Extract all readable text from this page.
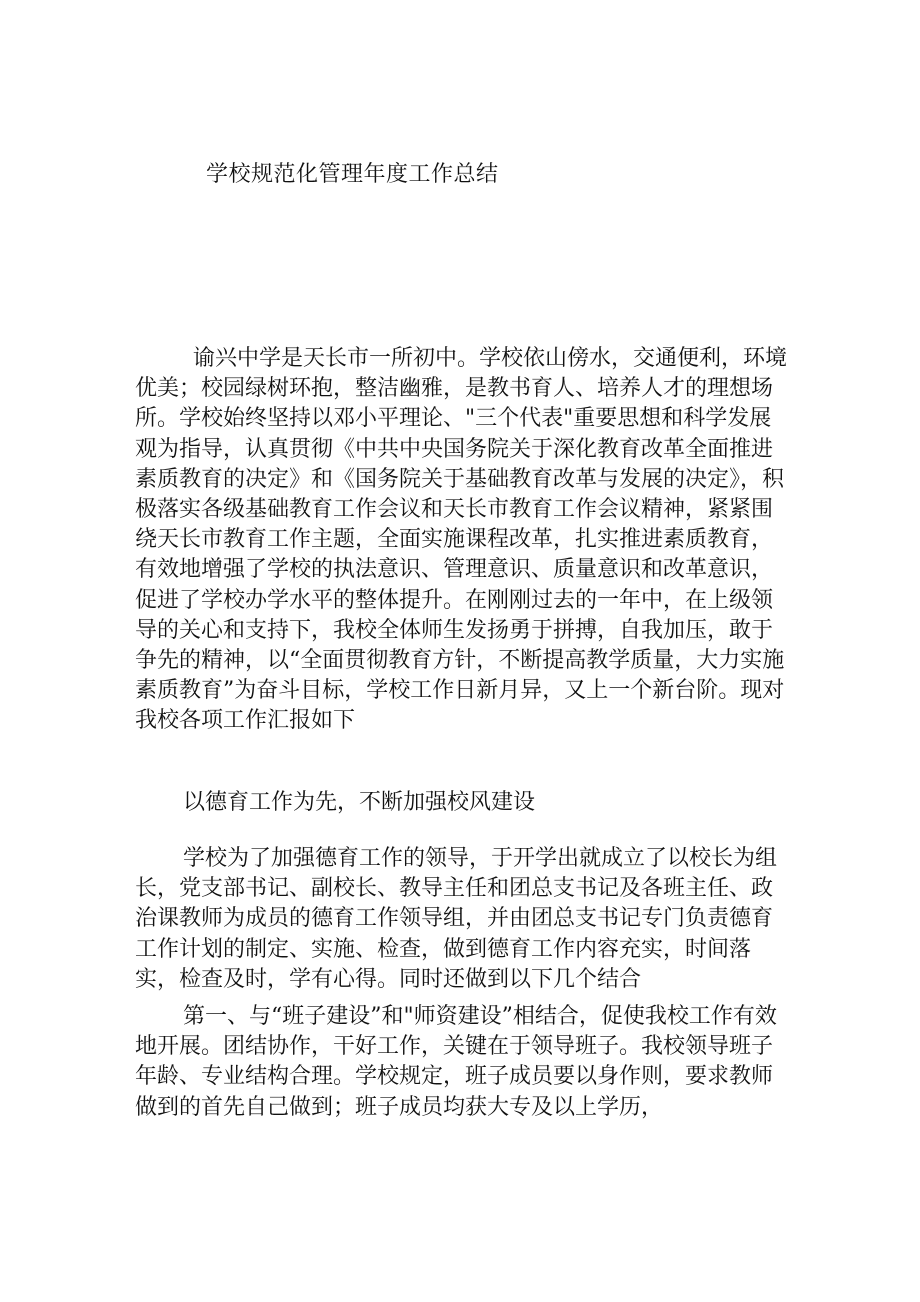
学校规范化管理年度工作总结

谕兴中学是天长市一所初中。学校依山傍水，交通便利，环境优美；校园绿树环抱，整洁幽雅，是教书育人、培养人才的理想场所。学校始终坚持以邓小平理论、"三个代表"重要思想和科学发展观为指导，认真贯彻《中共中央国务院关于深化教育改革全面推进素质教育的决定》和《国务院关于基础教育改革与发展的决定》，积极落实各级基础教育工作会议和天长市教育工作会议精神，紧紧围绕天长市教育工作主题，全面实施课程改革，扎实推进素质教育，有效地增强了学校的执法意识、管理意识、质量意识和改革意识，促进了学校办学水平的整体提升。在刚刚过去的一年中，在上级领导的关心和支持下，我校全体师生发扬勇于拼搏，自我加压，敢于争先的精神，以“全面贯彻教育方针，不断提高教学质量，大力实施素质教育”为奋斗目标，学校工作日新月异，又上一个新台阶。现对我校各项工作汇报如下

以德育工作为先，不断加强校风建设

学校为了加强德育工作的领导，于开学出就成立了以校长为组长，党支部书记、副校长、教导主任和团总支书记及各班主任、政治课教师为成员的德育工作领导组，并由团总支书记专门负责德育工作计划的制定、实施、检查，做到德育工作内容充实，时间落实，检查及时，学有心得。同时还做到以下几个结合

第一、与“班子建设”和"师资建设”相结合，促使我校工作有效地开展。团结协作，干好工作，关键在于领导班子。我校领导班子年龄、专业结构合理。学校规定，班子成员要以身作则，要求教师做到的首先自己做到；班子成员均获大专及以上学历，
